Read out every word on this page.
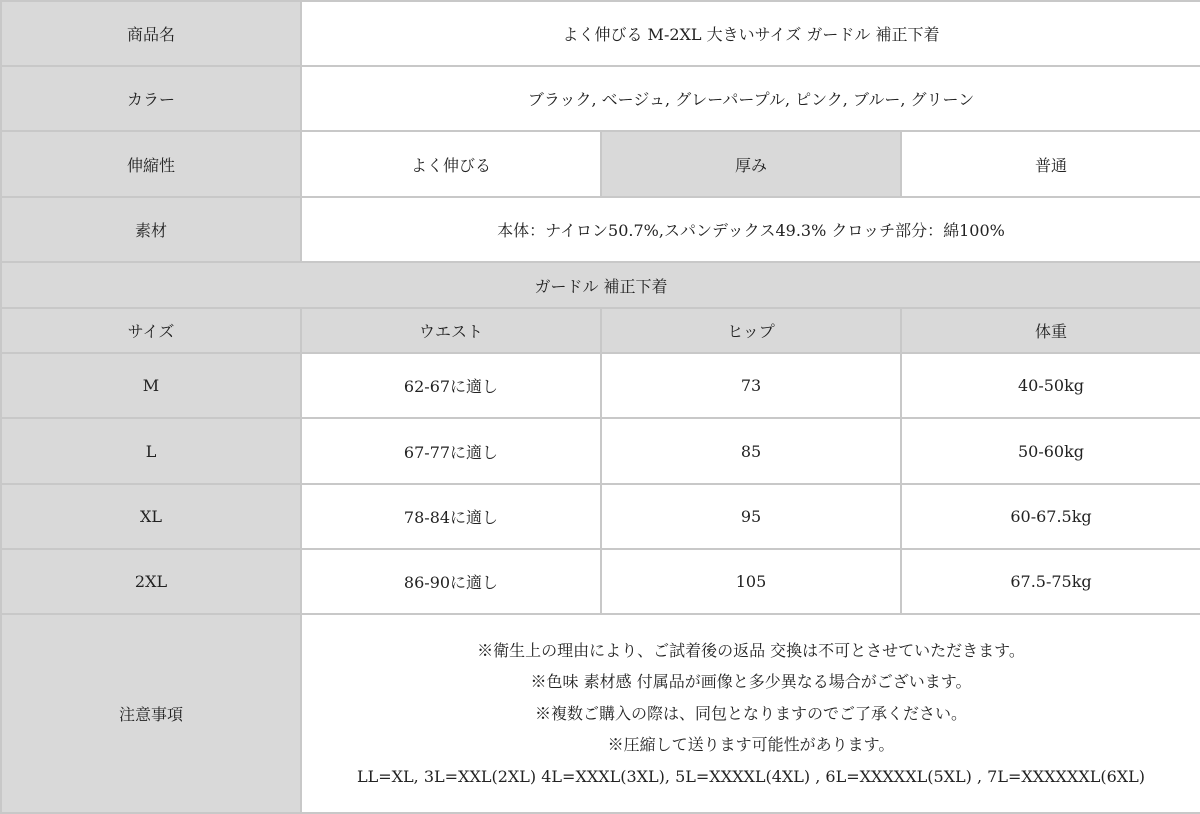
商品名	よく伸びる M-2XL 大きいサイズ ガードル 補正下着		
カラー	ブラック, ベージュ, グレーパープル, ピンク, ブルー, グリーン		
伸縮性	よく伸びる	厚み	普通
素材	本体：ナイロン50.7%,スパンデックス49.3% クロッチ部分：綿100%		
ガードル 補正下着			
サイズ	ウエスト	ヒップ	体重
M	62-67に適し	73	40-50kg
L	67-77に適し	85	50-60kg
XL	78-84に適し	95	60-67.5kg
2XL	86-90に適し	105	67.5-75kg
注意事項	※衛生上の理由により、ご試着後の返品 交換は不可とさせていただきます。
※色味 素材感 付属品が画像と多少異なる場合がございます。
※複数ご購入の際は、同包となりますのでご了承ください。
※圧縮して送ります可能性があります。
LL=XL, 3L=XXL(2XL) 4L=XXXL(3XL), 5L=XXXXL(4XL) , 6L=XXXXXL(5XL) , 7L=XXXXXXL(6XL)		
